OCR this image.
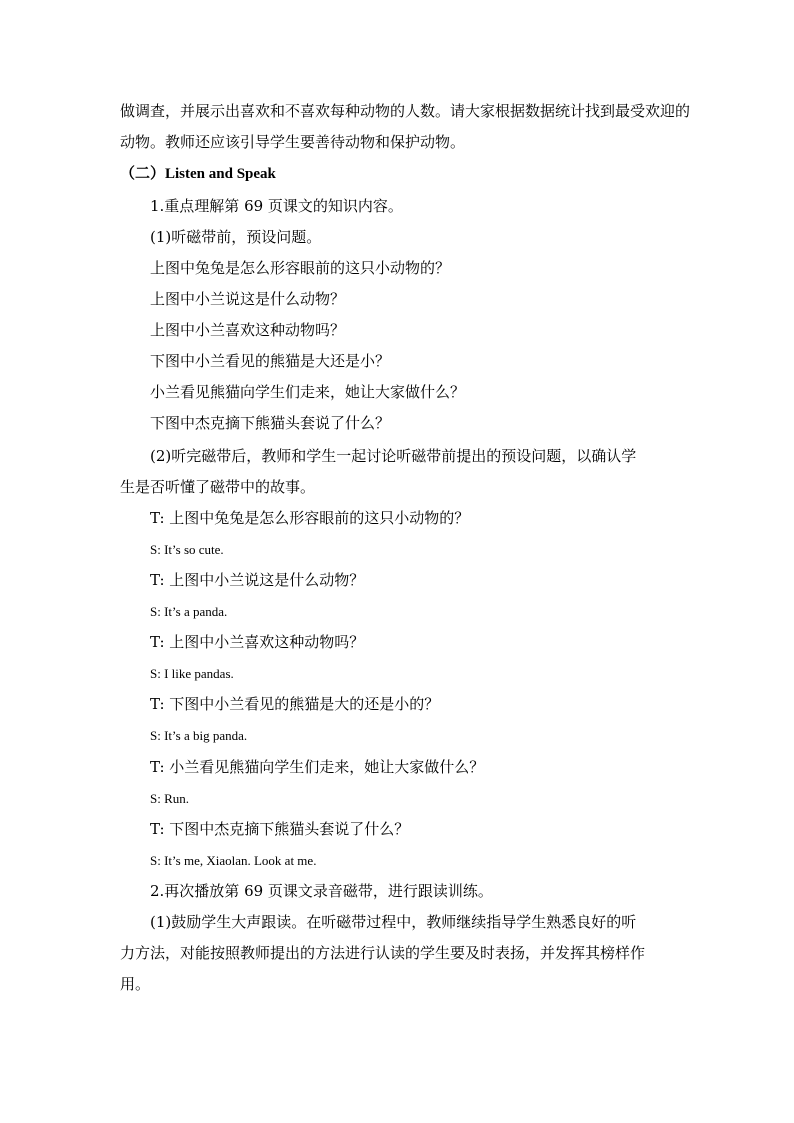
做调查，并展示出喜欢和不喜欢每种动物的人数。请大家根据数据统计找到最受欢迎的
动物。教师还应该引导学生要善待动物和保护动物。
（二）Listen and Speak
1.重点理解第 69 页课文的知识内容。
(1)听磁带前，预设问题。
上图中兔兔是怎么形容眼前的这只小动物的？
上图中小兰说这是什么动物？
上图中小兰喜欢这种动物吗？
下图中小兰看见的熊猫是大还是小？
小兰看见熊猫向学生们走来，她让大家做什么？
下图中杰克摘下熊猫头套说了什么？
(2)听完磁带后，教师和学生一起讨论听磁带前提出的预设问题，以确认学
生是否听懂了磁带中的故事。
T: 上图中兔兔是怎么形容眼前的这只小动物的？
S: It’s so cute.
T: 上图中小兰说这是什么动物？
S: It’s a panda.
T: 上图中小兰喜欢这种动物吗？
S: I like pandas.
T: 下图中小兰看见的熊猫是大的还是小的？
S: It’s a big panda.
T: 小兰看见熊猫向学生们走来，她让大家做什么？
S: Run.
T: 下图中杰克摘下熊猫头套说了什么？
S: It’s me, Xiaolan. Look at me.
2.再次播放第 69 页课文录音磁带，进行跟读训练。
(1)鼓励学生大声跟读。在听磁带过程中，教师继续指导学生熟悉良好的听
力方法，对能按照教师提出的方法进行认读的学生要及时表扬，并发挥其榜样作
用。
